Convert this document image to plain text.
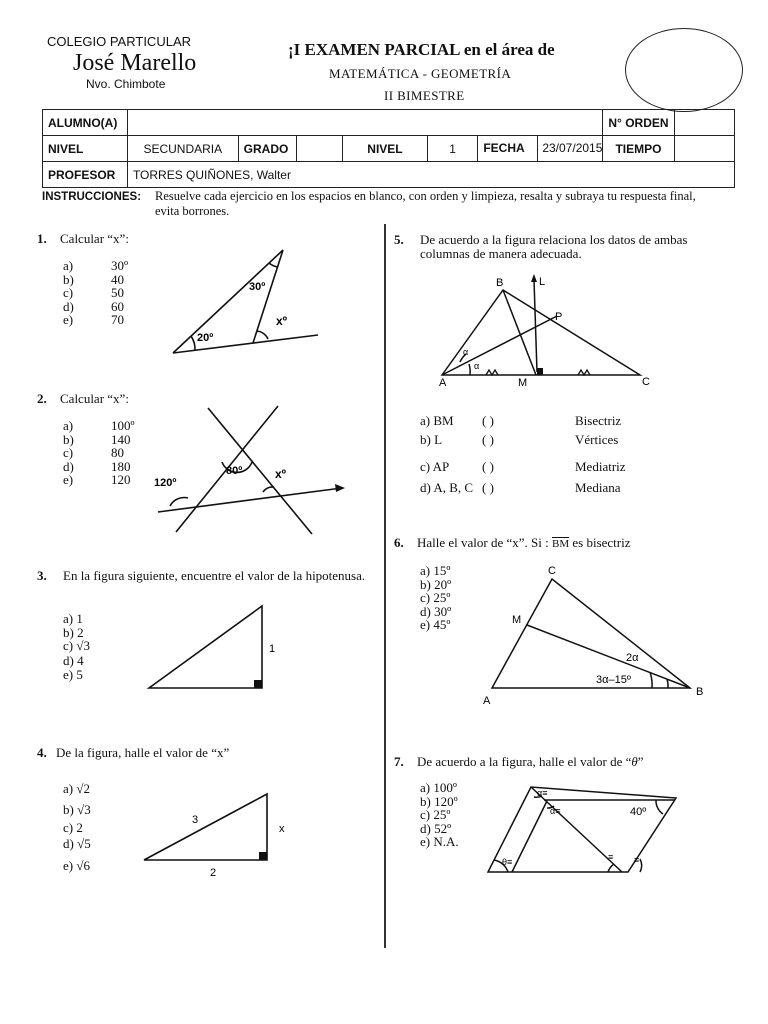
COLEGIO PARTICULAR
José Marello
Nvo. Chimbote
¡I EXAMEN PARCIAL en el área de
MATEMÁTICA - GEOMETRÍA
II BIMESTRE
ALUMNO(A)							N° ORDEN	
NIVEL	SECUNDARIA	GRADO		NIVEL	1	FECHA 23/07/2015	TIEMPO	
PROFESOR	TORRES QUIÑONES, Walter							
INSTRUCCIONES: Resuelve cada ejercicio en los espacios en blanco, con orden y limpieza, resalta y subraya tu respuesta final, evita borrones.
1. Calcular “x”:
a)	30º
b)	40
c)	50
d)	60
e)	70
30º
20º
xº
2. Calcular “x”:
a)	100º
b)	140
c)	80
d)	180
e)	120	120º
80º	xº
3. En la figura siguiente, encuentre el valor de la hipotenusa.
a) 1
b) 2
c) √3
d) 4
e) 5
1
4. De la figura, halle el valor de “x”
a) √2
b) √3
c) 2
d) √5
e) √6
3
2
x
5. De acuerdo a la figura relaciona los datos de ambas columnas de manera adecuada.
B	L
P
A	M	C
α
α
a) BM ( )	Bisectriz
b) L	( )	Vértices
c) AP	( )	Mediatriz
d) A, B, C ( )	Mediana
6. Halle el valor de “x”. Si : $\overline{BM}$ es bisectriz
a) 15º
b) 20º
c) 25º
d) 30º
e) 45º
C
M
A
B
2α
3α–15º
7. De acuerdo a la figura, halle el valor de “θ”
a) 100º
b) 120º
c) 25º
d) 52º
e) N.A.
α≡
α≡	40º
θ≡	≡ ≡
